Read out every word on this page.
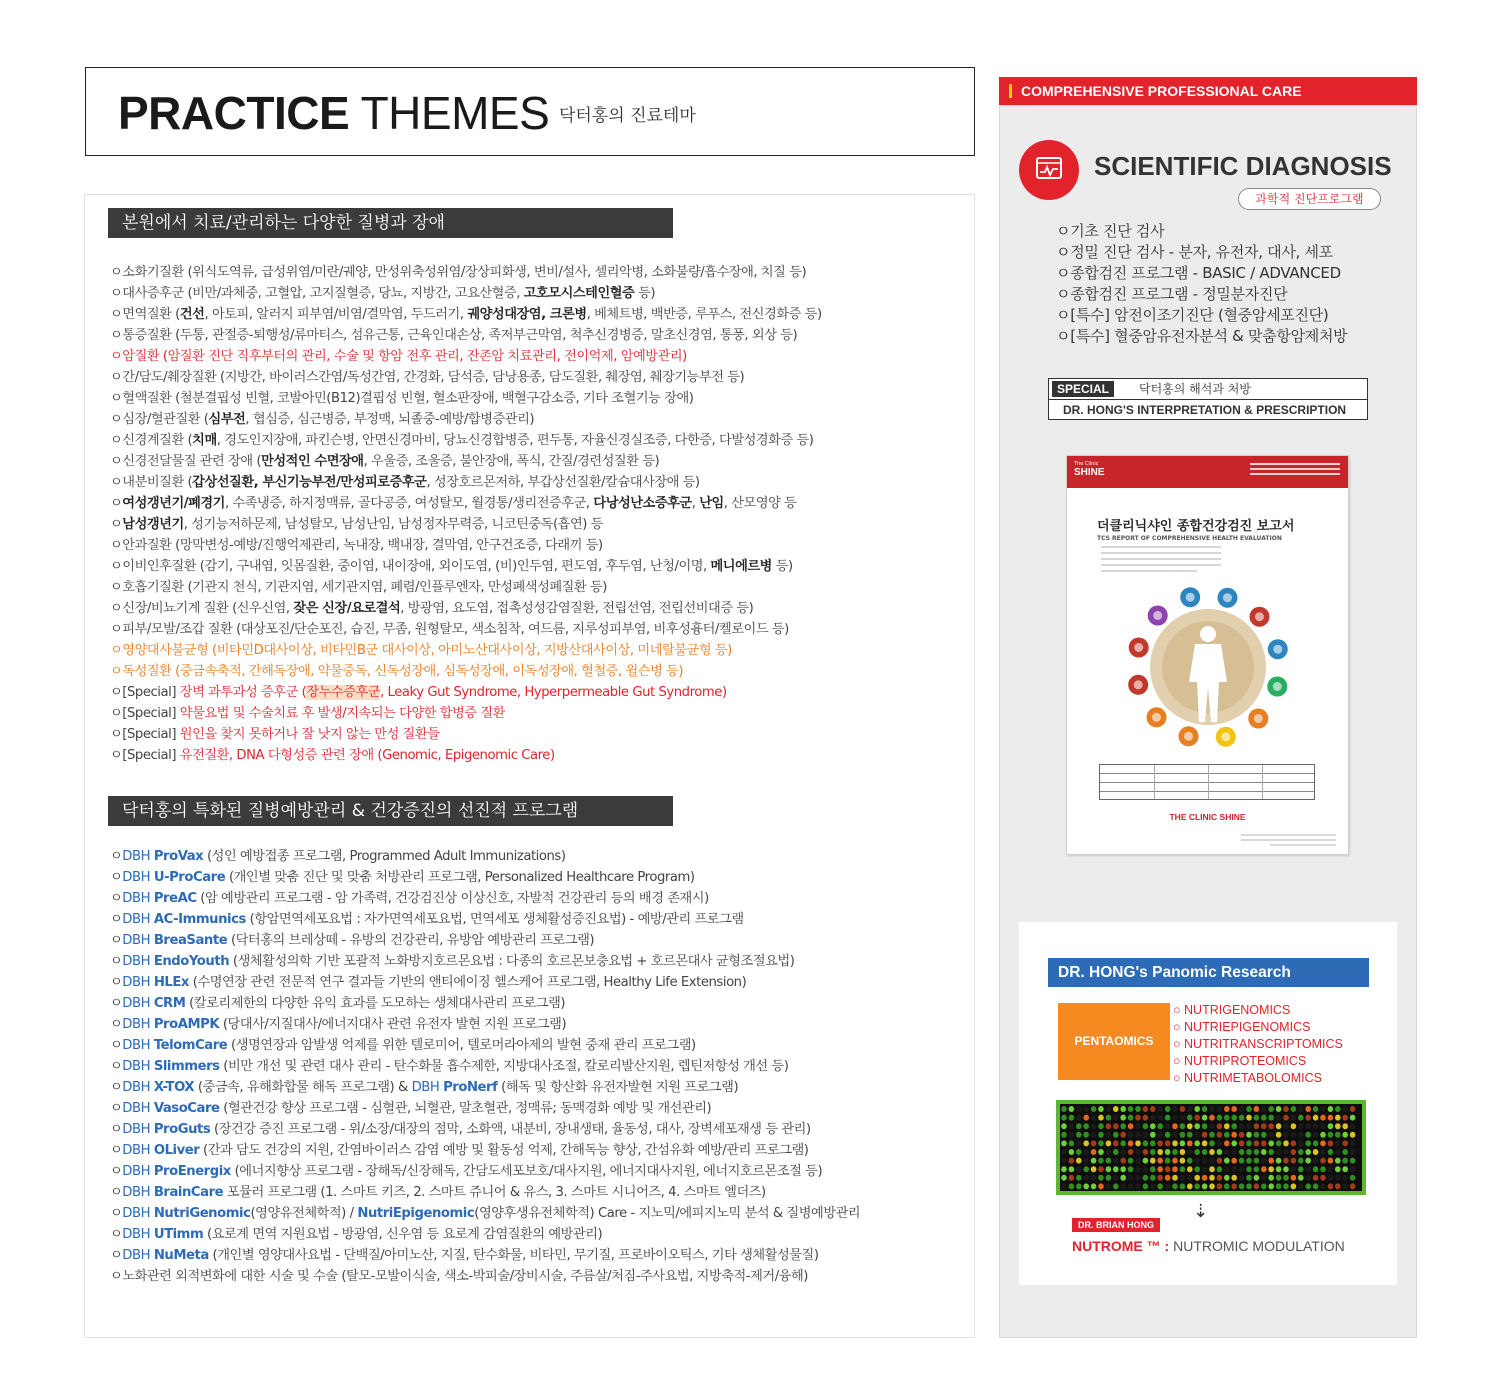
PRACTICE THEMES 닥터홍의 진료테마
본원에서 치료/관리하는 다양한 질병과 장애
ㅇ소화기질환 (위식도역류, 급성위염/미란/궤양, 만성위축성위염/장상피화생, 변비/설사, 셀리악병, 소화불량/흡수장애, 치질 등)
ㅇ대사증후군 (비만/과체중, 고혈압, 고지질혈증, 당뇨, 지방간, 고요산혈증, 고호모시스테인혈증 등)
ㅇ면역질환 (건선, 아토피, 알러지 피부염/비염/결막염, 두드러기, 궤양성대장염, 크론병, 베체트병, 백반증, 루푸스, 전신경화증 등)
ㅇ통증질환 (두통, 관절증-퇴행성/류마티스, 섬유근통, 근육인대손상, 족저부근막염, 척추신경병증, 말초신경염, 통풍, 외상 등)
ㅇ암질환 (암질환 진단 직후부터의 관리, 수술 및 항암 전후 관리, 잔존암 치료관리, 전이억제, 암예방관리)
ㅇ간/담도/췌장질환 (지방간, 바이러스간염/독성간염, 간경화, 담석증, 담낭용종, 담도질환, 췌장염, 췌장기능부전 등)
ㅇ혈액질환 (철분결핍성 빈혈, 코발아민(B12)결핍성 빈혈, 혈소판장애, 백혈구감소증, 기타 조혈기능 장애)
ㅇ심장/혈관질환 (심부전, 협심증, 심근병증, 부정맥, 뇌졸중-예방/합병증관리)
ㅇ신경계질환 (치매, 경도인지장애, 파킨슨병, 안면신경마비, 당뇨신경합병증, 편두통, 자율신경실조증, 다한증, 다발성경화증 등)
ㅇ신경전달물질 관련 장애 (만성적인 수면장애, 우울증, 조울증, 불안장애, 폭식, 간질/경련성질환 등)
ㅇ내분비질환 (갑상선질환, 부신기능부전/만성피로증후군, 성장호르몬저하, 부갑상선질환/칼슘대사장애 등)
ㅇ여성갱년기/폐경기, 수족냉증, 하지정맥류, 골다공증, 여성탈모, 월경통/생리전증후군, 다낭성난소증후군, 난임, 산모영양 등
ㅇ남성갱년기, 성기능저하문제, 남성탈모, 남성난임, 남성정자무력증, 니코틴중독(흡연) 등
ㅇ안과질환 (망막변성-예방/진행억제관리, 녹내장, 백내장, 결막염, 안구건조증, 다래끼 등)
ㅇ이비인후질환 (감기, 구내염, 잇몸질환, 중이염, 내이장애, 외이도염, (비)인두염, 편도염, 후두염, 난청/이명, 메니에르병 등)
ㅇ호흡기질환 (기관지 천식, 기관지염, 세기관지염, 폐렴/인플루엔자, 만성폐색성폐질환 등)
ㅇ신장/비뇨기계 질환 (신우신염, 잦은 신장/요로결석, 방광염, 요도염, 접촉성성감염질환, 전립선염, 전립선비대증 등)
ㅇ피부/모발/조갑 질환 (대상포진/단순포진, 습진, 무좀, 원형탈모, 색소침착, 여드름, 지루성피부염, 비후성흉터/켈로이드 등)
ㅇ영양대사불균형 (비타민D대사이상, 비타민B군 대사이상, 아미노산대사이상, 지방산대사이상, 미네랄불균형 등)
ㅇ독성질환 (중금속축적, 간해독장애, 약물중독, 신독성장애, 심독성장애, 이독성장애, 혈철증, 윌슨병 등)
ㅇ[Special] 장벽 과투과성 증후군 (장누수증후군, Leaky Gut Syndrome, Hyperpermeable Gut Syndrome)
ㅇ[Special] 약물요법 및 수술치료 후 발생/지속되는 다양한 합병증 질환
ㅇ[Special] 원인을 찾지 못하거나 잘 낫지 않는 만성 질환들
ㅇ[Special] 유전질환, DNA 다형성증 관련 장애 (Genomic, Epigenomic Care)
닥터홍의 특화된 질병예방관리 & 건강증진의 선진적 프로그램
ㅇDBH ProVax (성인 예방접종 프로그램, Programmed Adult Immunizations)
ㅇDBH U-ProCare (개인별 맞춤 진단 및 맞춤 처방관리 프로그램, Personalized Healthcare Program)
ㅇDBH PreAC (암 예방관리 프로그램 - 암 가족력, 건강검진상 이상신호, 자발적 건강관리 등의 배경 존재시)
ㅇDBH AC-Immunics (항암면역세포요법 : 자가면역세포요법, 면역세포 생체활성증진요법) - 예방/관리 프로그램
ㅇDBH BreaSante (닥터홍의 브레상떼 - 유방의 건강관리, 유방암 예방관리 프로그램)
ㅇDBH EndoYouth (생체활성의학 기반 포괄적 노화방지호르몬요법 : 다종의 호르몬보충요법 + 호르몬대사 균형조절요법)
ㅇDBH HLEx (수명연장 관련 전문적 연구 결과들 기반의 앤티에이징 헬스케어 프로그램, Healthy Life Extension)
ㅇDBH CRM (칼로리제한의 다양한 유익 효과를 도모하는 생체대사관리 프로그램)
ㅇDBH ProAMPK (당대사/지질대사/에너지대사 관련 유전자 발현 지원 프로그램)
ㅇDBH TelomCare (생명연장과 암발생 억제를 위한 텔로미어, 텔로머라아제의 발현 중재 관리 프로그램)
ㅇDBH Slimmers (비만 개선 및 관련 대사 관리 - 탄수화물 흡수제한, 지방대사조절, 칼로리발산지원, 렙틴저항성 개선 등)
ㅇDBH X-TOX (중금속, 유해화합물 해독 프로그램) & DBH ProNerf (해독 및 항산화 유전자발현 지원 프로그램)
ㅇDBH VasoCare (혈관건강 향상 프로그램 - 심혈관, 뇌혈관, 말초혈관, 정맥류; 동맥경화 예방 및 개선관리)
ㅇDBH ProGuts (장건강 증진 프로그램 - 위/소장/대장의 점막, 소화액, 내분비, 장내생태, 율동성, 대사, 장벽세포재생 등 관리)
ㅇDBH OLiver (간과 담도 건강의 지원, 간염바이러스 감염 예방 및 활동성 억제, 간해독능 향상, 간섬유화 예방/관리 프로그램)
ㅇDBH ProEnergix (에너지향상 프로그램 - 장해독/신장해독, 간담도세포보호/대사지원, 에너지대사지원, 에너지호르몬조절 등)
ㅇDBH BrainCare 포뮬러 프로그램 (1. 스마트 키즈, 2. 스마트 쥬니어 & 유스, 3. 스마트 시니어즈, 4. 스마트 엘더즈)
ㅇDBH NutriGenomic(영양유전체학적) / NutriEpigenomic(영양후생유전체학적) Care - 지노믹/에피지노믹 분석 & 질병예방관리
ㅇDBH UTimm (요로계 면역 지원요법 - 방광염, 신우염 등 요로계 감염질환의 예방관리)
ㅇDBH NuMeta (개인별 영양대사요법 - 단백질/아미노산, 지질, 탄수화물, 비타민, 무기질, 프로바이오틱스, 기타 생체활성물질)
ㅇ노화관련 외적변화에 대한 시술 및 수술 (탈모-모발이식술, 색소-박피술/장비시술, 주름살/처짐-주사요법, 지방축적-제거/융해)
COMPREHENSIVE PROFESSIONAL CARE
SCIENTIFIC DIAGNOSIS
과학적 진단프로그램
ㅇ기초 진단 검사
ㅇ정밀 진단 검사 - 분자, 유전자, 대사, 세포
ㅇ종합검진 프로그램 - BASIC / ADVANCED
ㅇ종합검진 프로그램 - 정밀분자진단
ㅇ[특수] 암전이조기진단 (혈중암세포진단)
ㅇ[특수] 혈중암유전자분석 & 맞춤항암제처방
SPECIAL	닥터홍의 해석과 처방
DR. HONG'S INTERPRETATION & PRESCRIPTION
The Clinic
SHINE
더클리닉샤인 종합건강검진 보고서
TCS REPORT OF COMPREHENSIVE HEALTH EVALUATION
THE CLINIC SHINE
DR. HONG's Panomic Research
PENTAOMICS
○ NUTRIGENOMICS
○ NUTRIEPIGENOMICS
○ NUTRITRANSCRIPTOMICS
○ NUTRIPROTEOMICS
○ NUTRIMETABOLOMICS
⇣
DR. BRIAN HONG
NUTROME ™ : NUTROMIC MODULATION
